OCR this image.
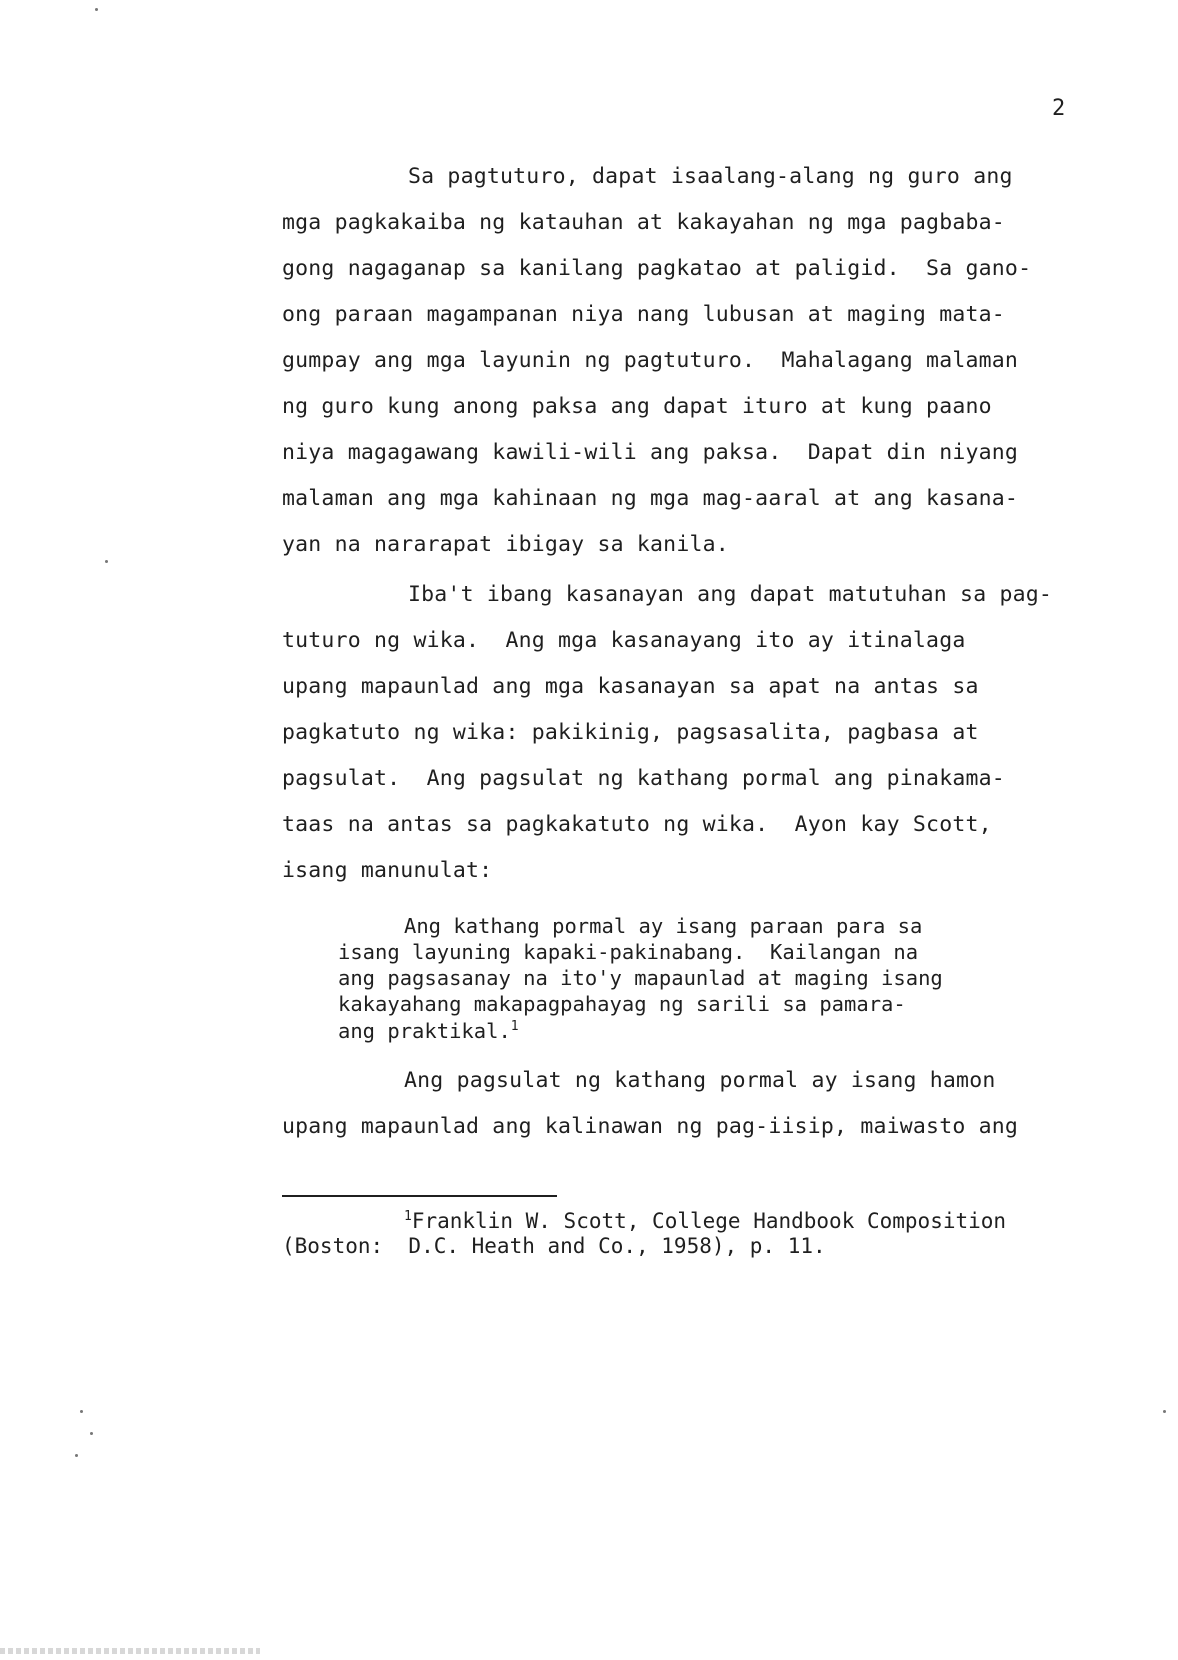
2
Sa pagtuturo, dapat isaalang-alang ng guro ang
mga pagkakaiba ng katauhan at kakayahan ng mga pagbaba-
gong nagaganap sa kanilang pagkatao at paligid.  Sa gano-
ong paraan magampanan niya nang lubusan at maging mata-
gumpay ang mga layunin ng pagtuturo.  Mahalagang malaman
ng guro kung anong paksa ang dapat ituro at kung paano
niya magagawang kawili-wili ang paksa.  Dapat din niyang
malaman ang mga kahinaan ng mga mag-aaral at ang kasana-
yan na nararapat ibigay sa kanila.
Iba't ibang kasanayan ang dapat matutuhan sa pag-
tuturo ng wika.  Ang mga kasanayang ito ay itinalaga
upang mapaunlad ang mga kasanayan sa apat na antas sa
pagkatuto ng wika: pakikinig, pagsasalita, pagbasa at
pagsulat.  Ang pagsulat ng kathang pormal ang pinakama-
taas na antas sa pagkakatuto ng wika.  Ayon kay Scott,
isang manunulat:
Ang kathang pormal ay isang paraan para sa
isang layuning kapaki-pakinabang.  Kailangan na
ang pagsasanay na ito'y mapaunlad at maging isang
kakayahang makapagpahayag ng sarili sa pamara-
ang praktikal.$^1$
Ang pagsulat ng kathang pormal ay isang hamon
upang mapaunlad ang kalinawan ng pag-iisip, maiwasto ang
$^1$Franklin W. Scott, College Handbook Composition
(Boston:  D.C. Heath and Co., 1958), p. 11.
